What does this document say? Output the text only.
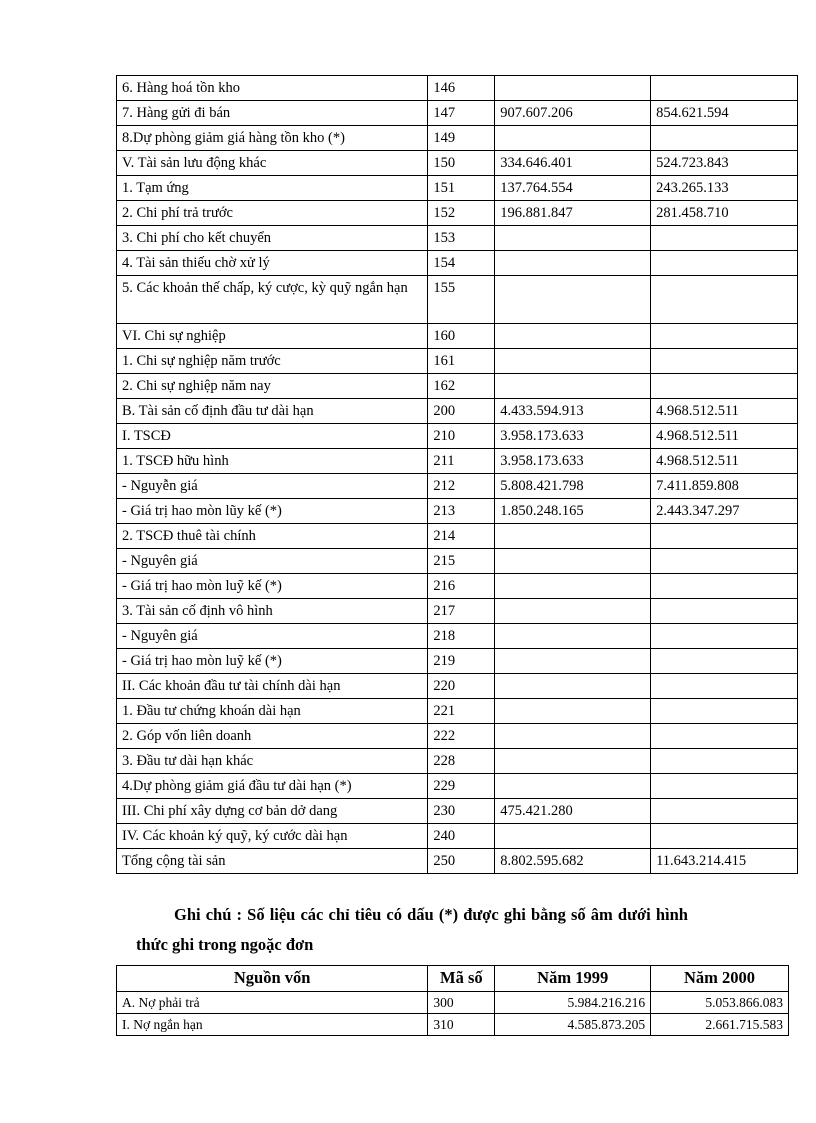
6. Hàng hoá tồn kho	146		
7. Hàng gửi đi bán	147	907.607.206	854.621.594
8.Dự phòng giảm giá hàng tồn kho (*)	149		
V. Tài sản lưu động khác	150	334.646.401	524.723.843
1. Tạm ứng	151	137.764.554	243.265.133
2. Chi phí trả trước	152	196.881.847	281.458.710
3. Chi phí cho kết chuyển	153		
4. Tài sản thiếu chờ xử lý	154		
5. Các khoản thế chấp, ký cược, kỳ quỹ ngắn hạn	155		
VI. Chi sự nghiệp	160		
1. Chi sự nghiệp năm trước	161		
2. Chi sự nghiệp năm nay	162		
B. Tài sản cố định đầu tư dài hạn	200	4.433.594.913	4.968.512.511
I. TSCĐ	210	3.958.173.633	4.968.512.511
1. TSCĐ hữu hình	211	3.958.173.633	4.968.512.511
- Nguyễn giá	212	5.808.421.798	7.411.859.808
- Giá trị hao mòn lũy kế (*)	213	1.850.248.165	2.443.347.297
2. TSCĐ thuê tài chính	214		
- Nguyên giá	215		
- Giá trị hao mòn luỹ kế (*)	216		
3. Tài sản cố định vô hình	217		
- Nguyên giá	218		
- Giá trị hao mòn luỹ kế (*)	219		
II. Các khoản đầu tư tài chính dài hạn	220		
1. Đầu tư chứng khoán dài hạn	221		
2. Góp vốn liên doanh	222		
3. Đầu tư dài hạn khác	228		
4.Dự phòng giảm giá đầu tư dài hạn (*)	229		
III. Chi phí xây dựng cơ bản dở dang	230	475.421.280	
IV. Các khoản ký quỹ, ký cước dài hạn	240		
Tổng cộng tài sản	250	8.802.595.682	11.643.214.415
Ghi chú : Số liệu các chỉ tiêu có dấu (*) được ghi bằng số âm dưới hình
thức ghi trong ngoặc đơn
Nguồn vốn	Mã số	Năm 1999	Năm 2000
A. Nợ phải trả	300	5.984.216.216	5.053.866.083
I. Nợ ngắn hạn	310	4.585.873.205	2.661.715.583
